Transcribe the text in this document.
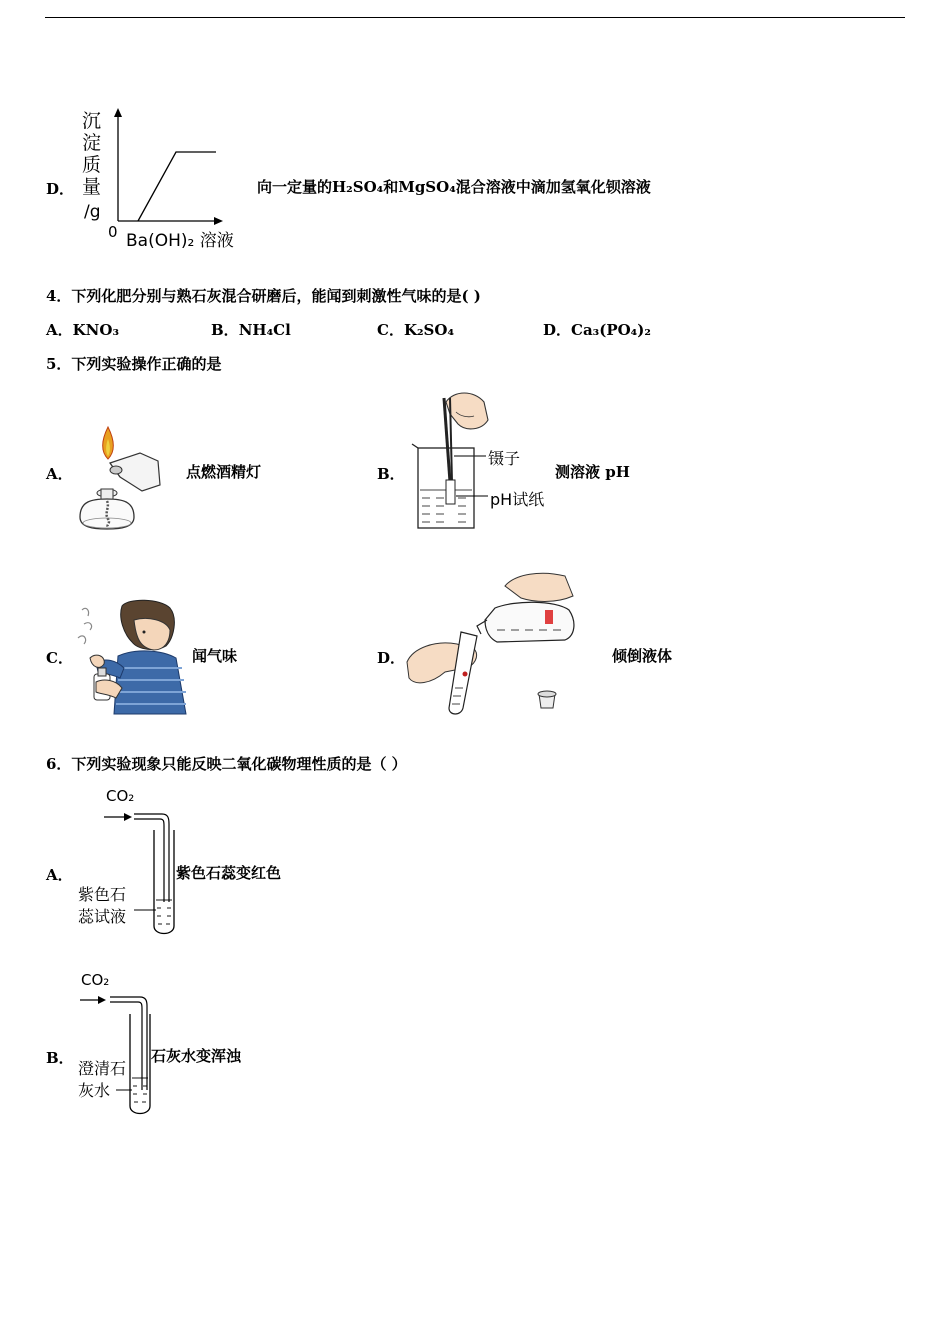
D．
沉
淀
质
量
/g
0 Ba(OH)₂ 溶液
向一定量的H₂SO₄和MgSO₄混合溶液中滴加氢氧化钡溶液
4．下列化肥分别与熟石灰混合研磨后，能闻到刺激性气味的是( )
A．KNO₃	B．NH₄Cl	C．K₂SO₄	D．Ca₃(PO₄)₂
5．下列实验操作正确的是
A．	点燃酒精灯	B．
镊子
pH试纸
测溶液 pH
C．	闻气味	D．	倾倒液体
6．下列实验现象只能反映二氧化碳物理性质的是（ ）
A．
CO₂
紫色石
蕊试液
紫色石蕊变红色
B．
CO₂
澄清石
灰水
石灰水变浑浊
